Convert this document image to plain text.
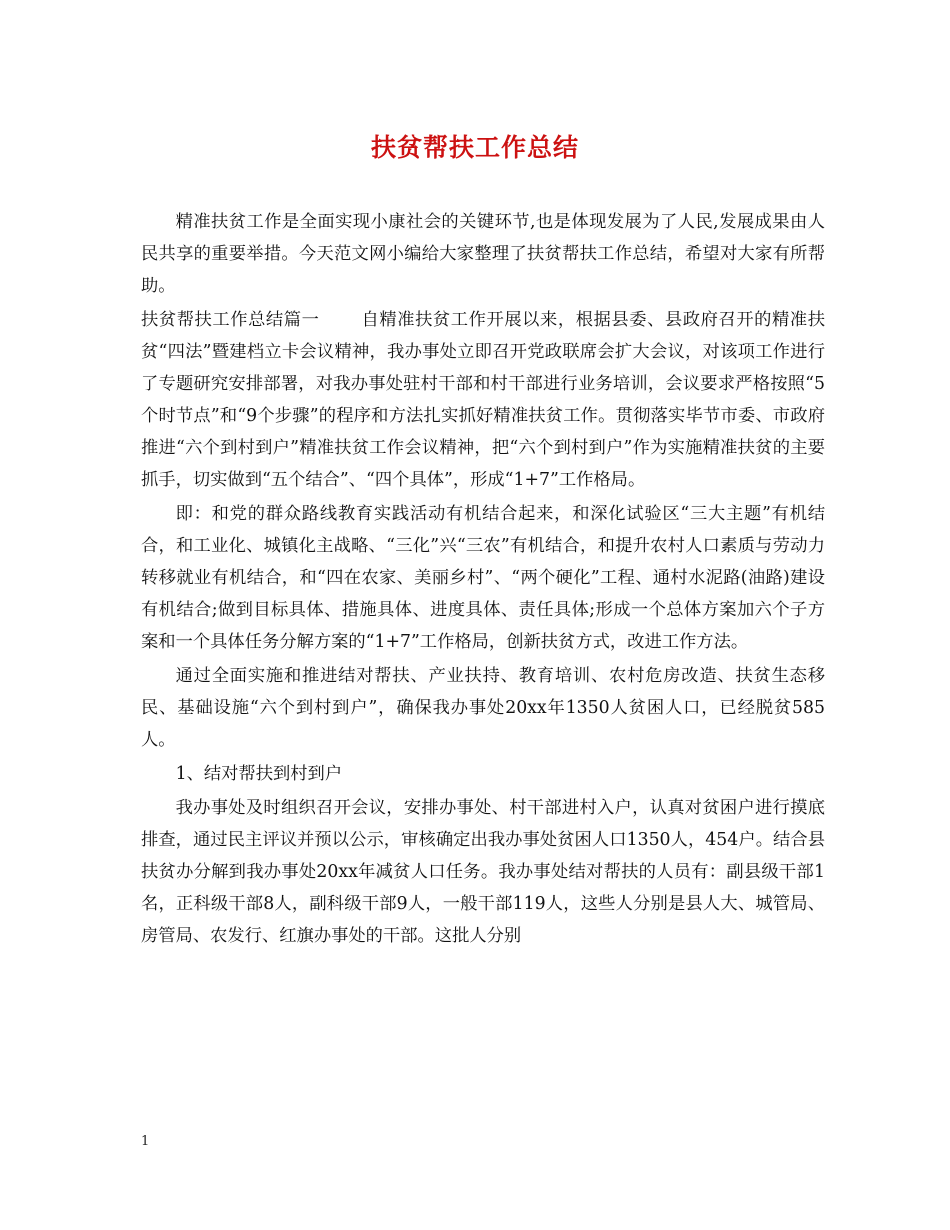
扶贫帮扶工作总结

精准扶贫工作是全面实现小康社会的关键环节,也是体现发展为了人民,发展成果由人民共享的重要举措。今天范文网小编给大家整理了扶贫帮扶工作总结，希望对大家有所帮助。

扶贫帮扶工作总结篇一 自精准扶贫工作开展以来，根据县委、县政府召开的精准扶贫“四法”暨建档立卡会议精神，我办事处立即召开党政联席会扩大会议，对该项工作进行了专题研究安排部署，对我办事处驻村干部和村干部进行业务培训，会议要求严格按照“5个时节点”和“9个步骤”的程序和方法扎实抓好精准扶贫工作。贯彻落实毕节市委、市政府推进“六个到村到户”精准扶贫工作会议精神，把“六个到村到户”作为实施精准扶贫的主要抓手，切实做到“五个结合”、“四个具体”，形成“1+7”工作格局。

即：和党的群众路线教育实践活动有机结合起来，和深化试验区“三大主题”有机结合，和工业化、城镇化主战略、“三化”兴“三农”有机结合，和提升农村人口素质与劳动力转移就业有机结合，和“四在农家、美丽乡村”、“两个硬化”工程、通村水泥路(油路)建设有机结合;做到目标具体、措施具体、进度具体、责任具体;形成一个总体方案加六个子方案和一个具体任务分解方案的“1+7”工作格局，创新扶贫方式，改进工作方法。

通过全面实施和推进结对帮扶、产业扶持、教育培训、农村危房改造、扶贫生态移民、基础设施“六个到村到户”，确保我办事处20xx年1350人贫困人口，已经脱贫585人。

1、结对帮扶到村到户

我办事处及时组织召开会议，安排办事处、村干部进村入户，认真对贫困户进行摸底排查，通过民主评议并预以公示，审核确定出我办事处贫困人口1350人，454户。结合县扶贫办分解到我办事处20xx年减贫人口任务。我办事处结对帮扶的人员有：副县级干部1名，正科级干部8人，副科级干部9人，一般干部119人，这些人分别是县人大、城管局、房管局、农发行、红旗办事处的干部。这批人分别

1
